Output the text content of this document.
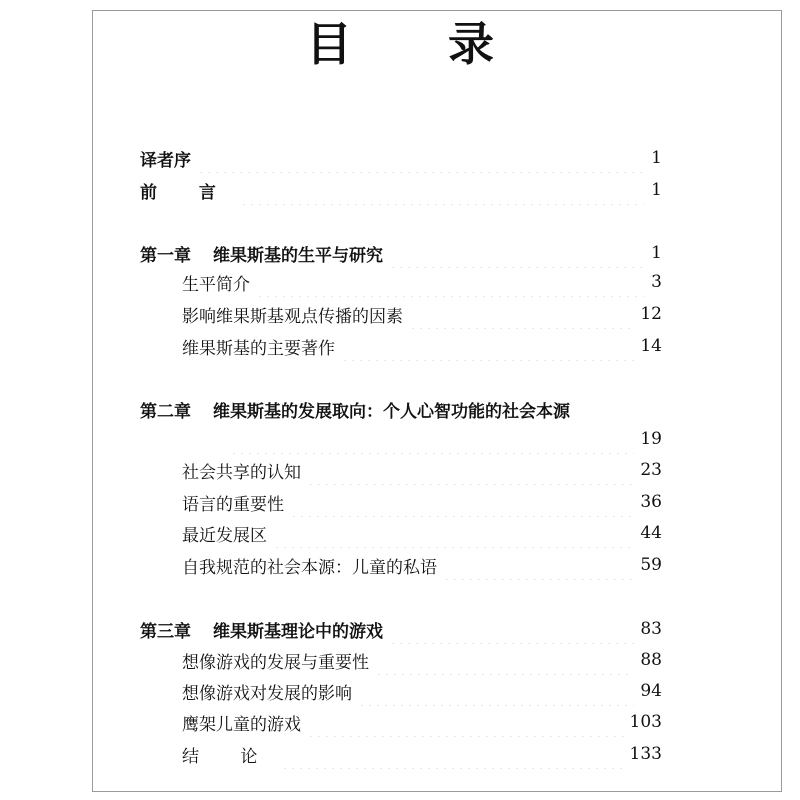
目 录
译者序	1
前 言	1
第一章 维果斯基的生平与研究	1
生平简介	3
影响维果斯基观点传播的因素	12
维果斯基的主要著作	14
第二章 维果斯基的发展取向：个人心智功能的社会本源
19
社会共享的认知	23
语言的重要性	36
最近发展区	44
自我规范的社会本源：儿童的私语	59
第三章 维果斯基理论中的游戏	83
想像游戏的发展与重要性	88
想像游戏对发展的影响	94
鹰架儿童的游戏	103
结 论	133
